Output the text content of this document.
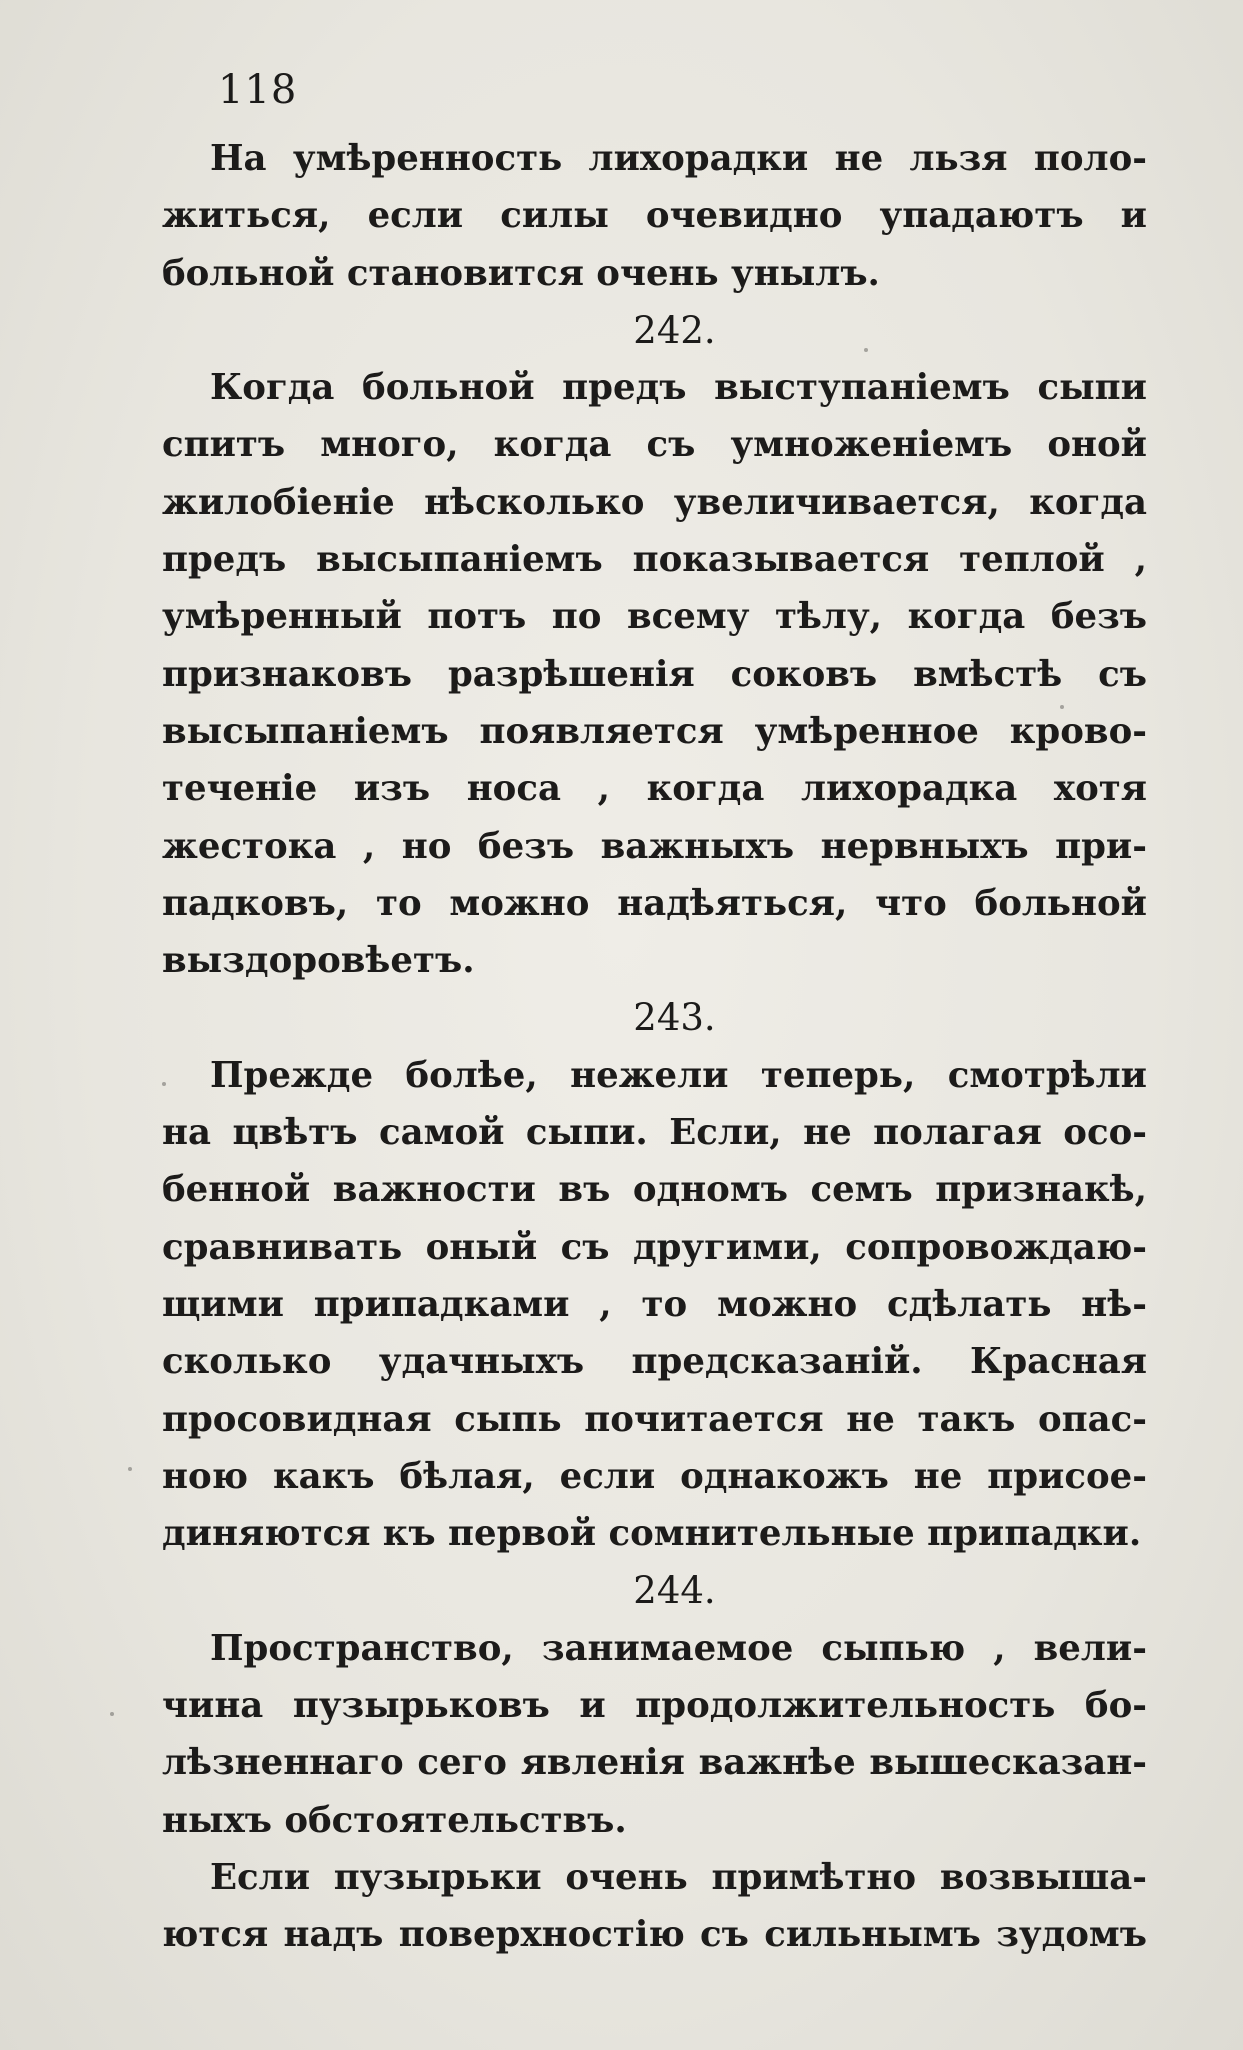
118
На умѣренность лихорадки не льзя поло-
житься, если силы очевидно упадаютъ и
больной становится очень унылъ.
242.
Когда больной предъ выступаніемъ сыпи
спитъ много, когда съ умноженіемъ оной
жилобіеніе нѣсколько увеличивается, когда
предъ высыпаніемъ показывается теплой ,
умѣренный потъ по всему тѣлу, когда безъ
признаковъ разрѣшенія соковъ вмѣстѣ съ
высыпаніемъ появляется умѣренное крово-
теченіе изъ носа , когда лихорадка хотя
жестока , но безъ важныхъ нервныхъ при-
падковъ, то можно надѣяться, что больной
выздоровѣетъ.
243.
Прежде болѣе, нежели теперь, смотрѣли
на цвѣтъ самой сыпи. Если, не полагая осо-
бенной важности въ одномъ семъ признакѣ,
сравнивать оный съ другими, сопровождаю-
щими припадками , то можно сдѣлать нѣ-
сколько удачныхъ предсказаній. Красная
просовидная сыпь почитается не такъ опас-
ною какъ бѣлая, если однакожъ не присое-
диняются къ первой сомнительные припадки.
244.
Пространство, занимаемое сыпью , вели-
чина пузырьковъ и продолжительность бо-
лѣзненнаго сего явленія важнѣе вышесказан-
ныхъ обстоятельствъ.
Если пузырьки очень примѣтно возвыша-
ются надъ поверхностію съ сильнымъ зудомъ
